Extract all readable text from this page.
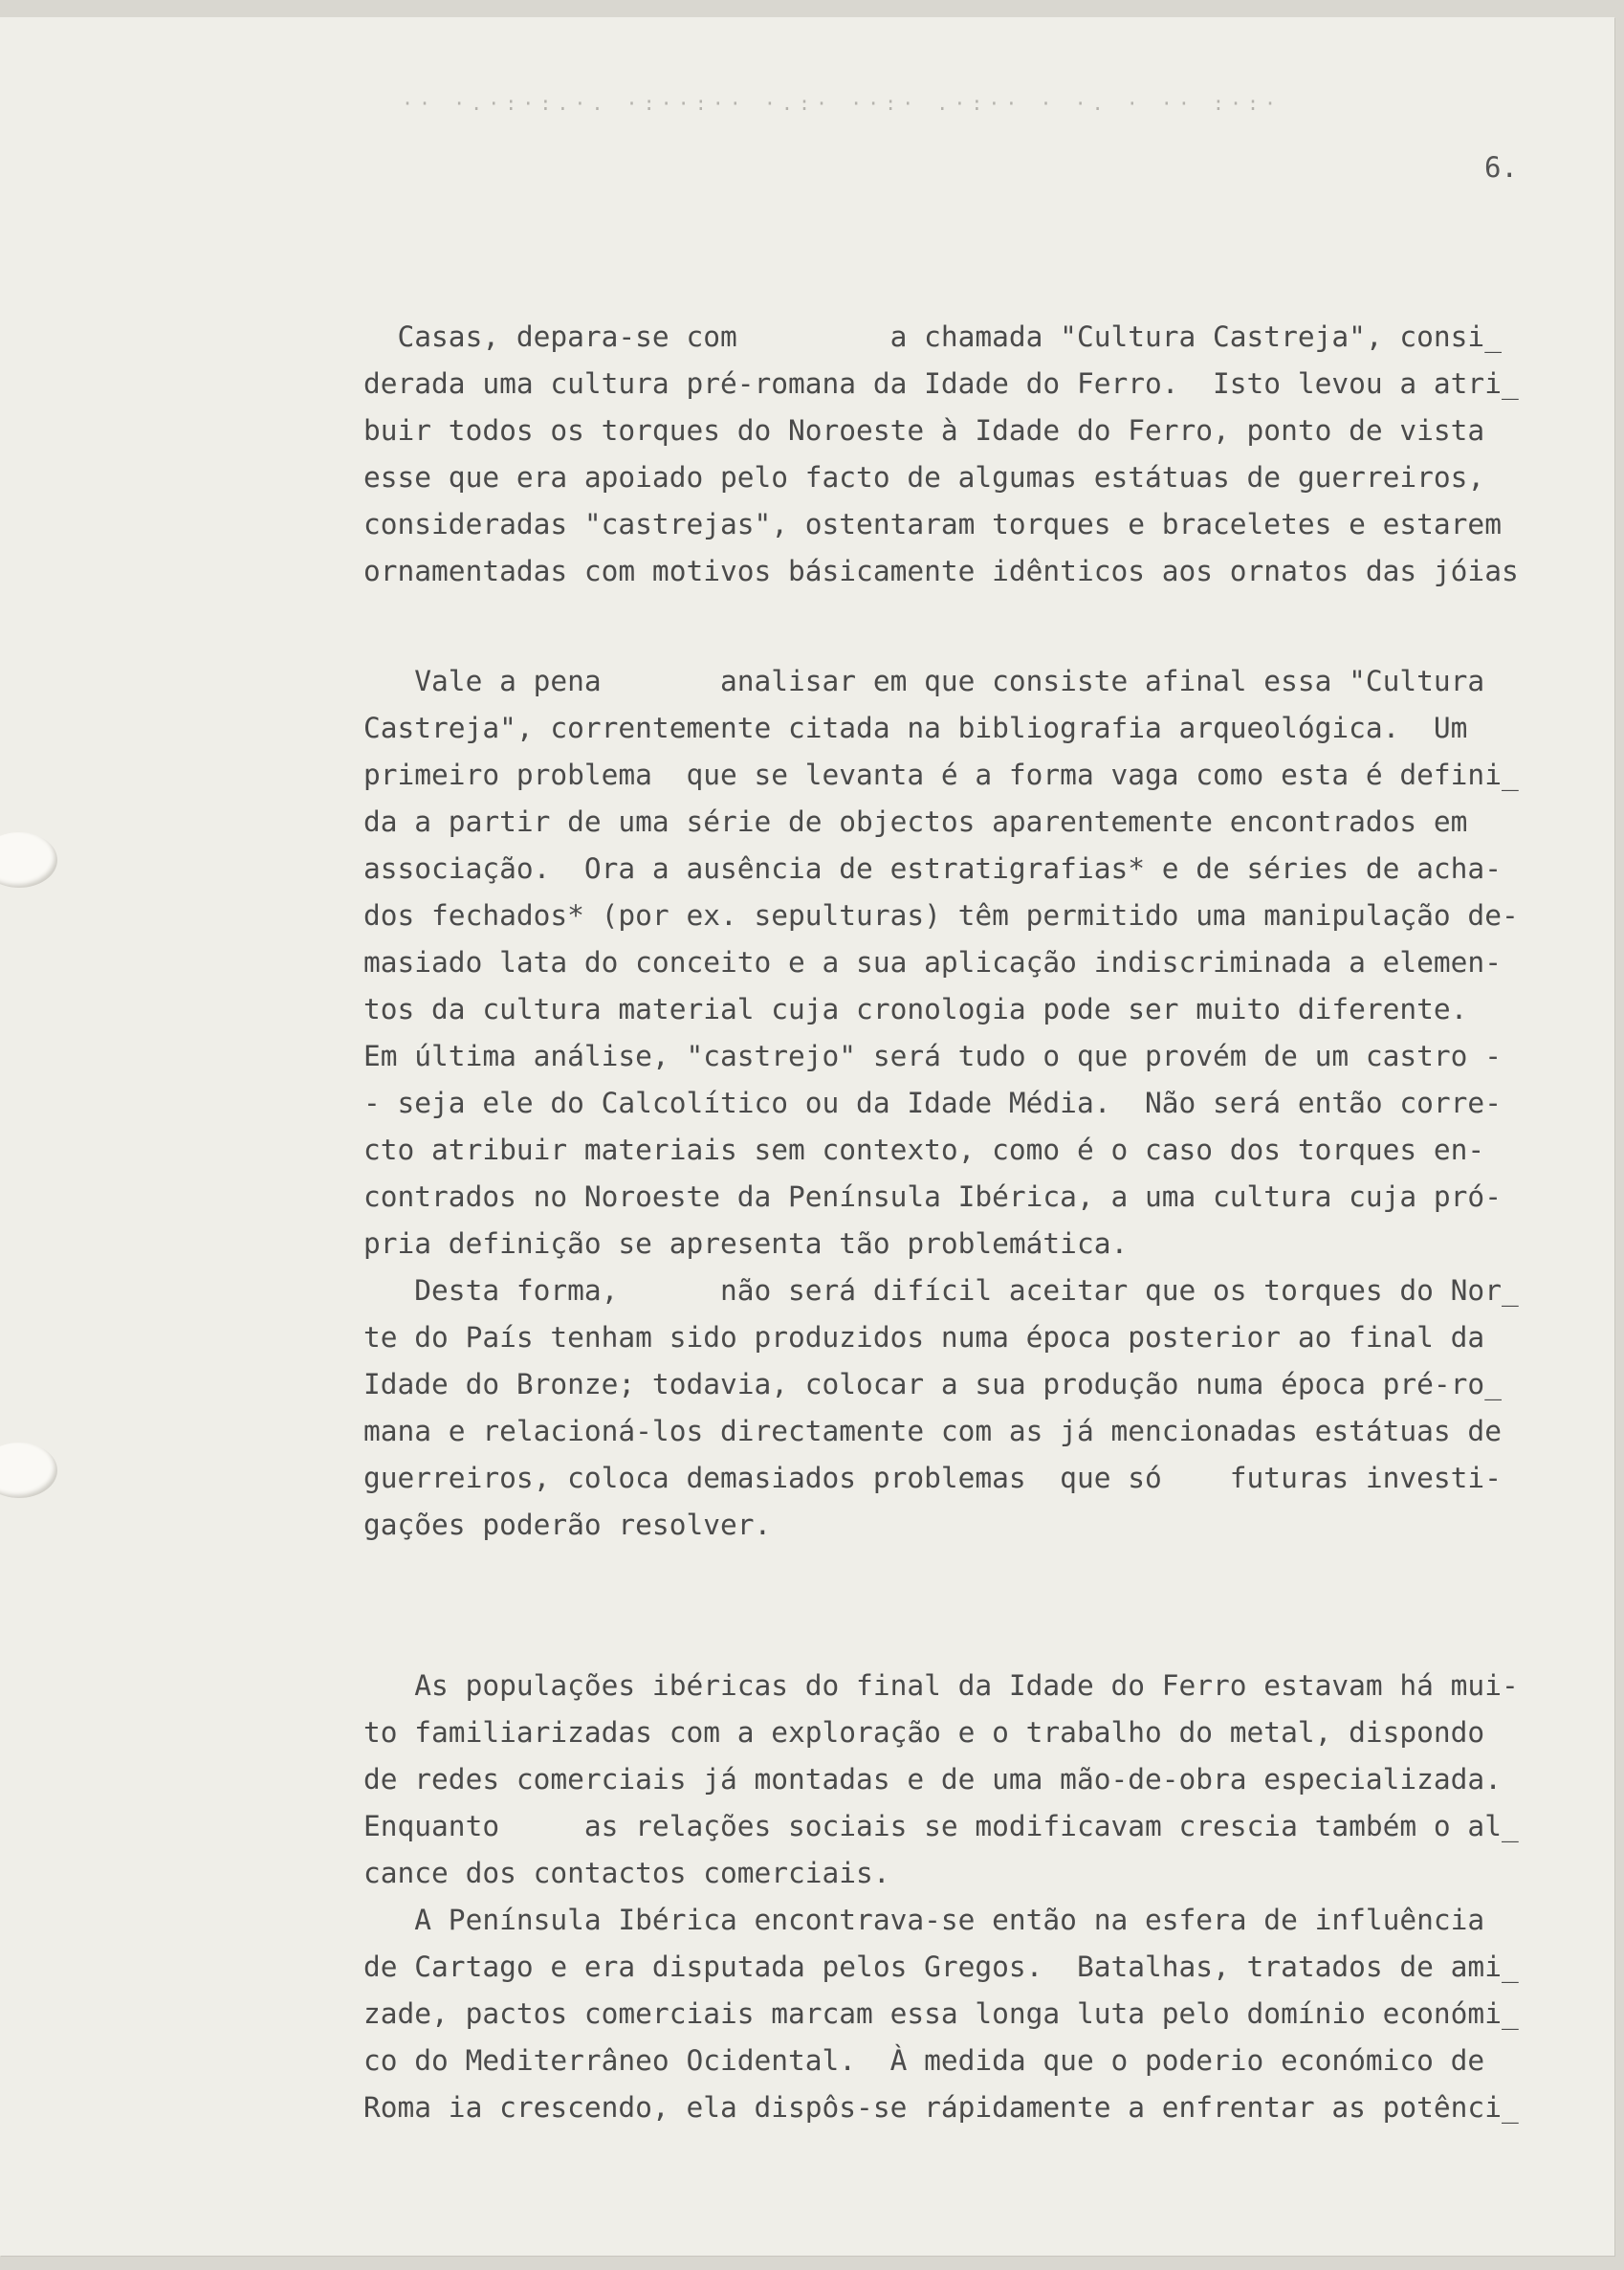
·· ·.·:·:.·. ·:··:·· ·.:· ··:· .·:·· · ·. · ·· :·:·
6.
Casas, depara-se com         a chamada "Cultura Castreja", consi_
derada uma cultura pré-romana da Idade do Ferro.  Isto levou a atri_
buir todos os torques do Noroeste à Idade do Ferro, ponto de vista
esse que era apoiado pelo facto de algumas estátuas de guerreiros,
consideradas "castrejas", ostentaram torques e braceletes e estarem
ornamentadas com motivos básicamente idênticos aos ornatos das jóias
Vale a pena       analisar em que consiste afinal essa "Cultura
Castreja", correntemente citada na bibliografia arqueológica.  Um
primeiro problema  que se levanta é a forma vaga como esta é defini_
da a partir de uma série de objectos aparentemente encontrados em
associação.  Ora a ausência de estratigrafias* e de séries de acha-
dos fechados* (por ex. sepulturas) têm permitido uma manipulação de-
masiado lata do conceito e a sua aplicação indiscriminada a elemen-
tos da cultura material cuja cronologia pode ser muito diferente.
Em última análise, "castrejo" será tudo o que provém de um castro -
- seja ele do Calcolítico ou da Idade Média.  Não será então corre-
cto atribuir materiais sem contexto, como é o caso dos torques en-
contrados no Noroeste da Península Ibérica, a uma cultura cuja pró-
pria definição se apresenta tão problemática.
Desta forma,      não será difícil aceitar que os torques do Nor_
te do País tenham sido produzidos numa época posterior ao final da
Idade do Bronze; todavia, colocar a sua produção numa época pré-ro_
mana e relacioná-los directamente com as já mencionadas estátuas de
guerreiros, coloca demasiados problemas  que só    futuras investi-
gações poderão resolver.
As populações ibéricas do final da Idade do Ferro estavam há mui-
to familiarizadas com a exploração e o trabalho do metal, dispondo
de redes comerciais já montadas e de uma mão-de-obra especializada.
Enquanto     as relações sociais se modificavam crescia também o al_
cance dos contactos comerciais.
A Península Ibérica encontrava-se então na esfera de influência
de Cartago e era disputada pelos Gregos.  Batalhas, tratados de ami_
zade, pactos comerciais marcam essa longa luta pelo domínio económi_
co do Mediterrâneo Ocidental.  À medida que o poderio económico de
Roma ia crescendo, ela dispôs-se rápidamente a enfrentar as potênci_
